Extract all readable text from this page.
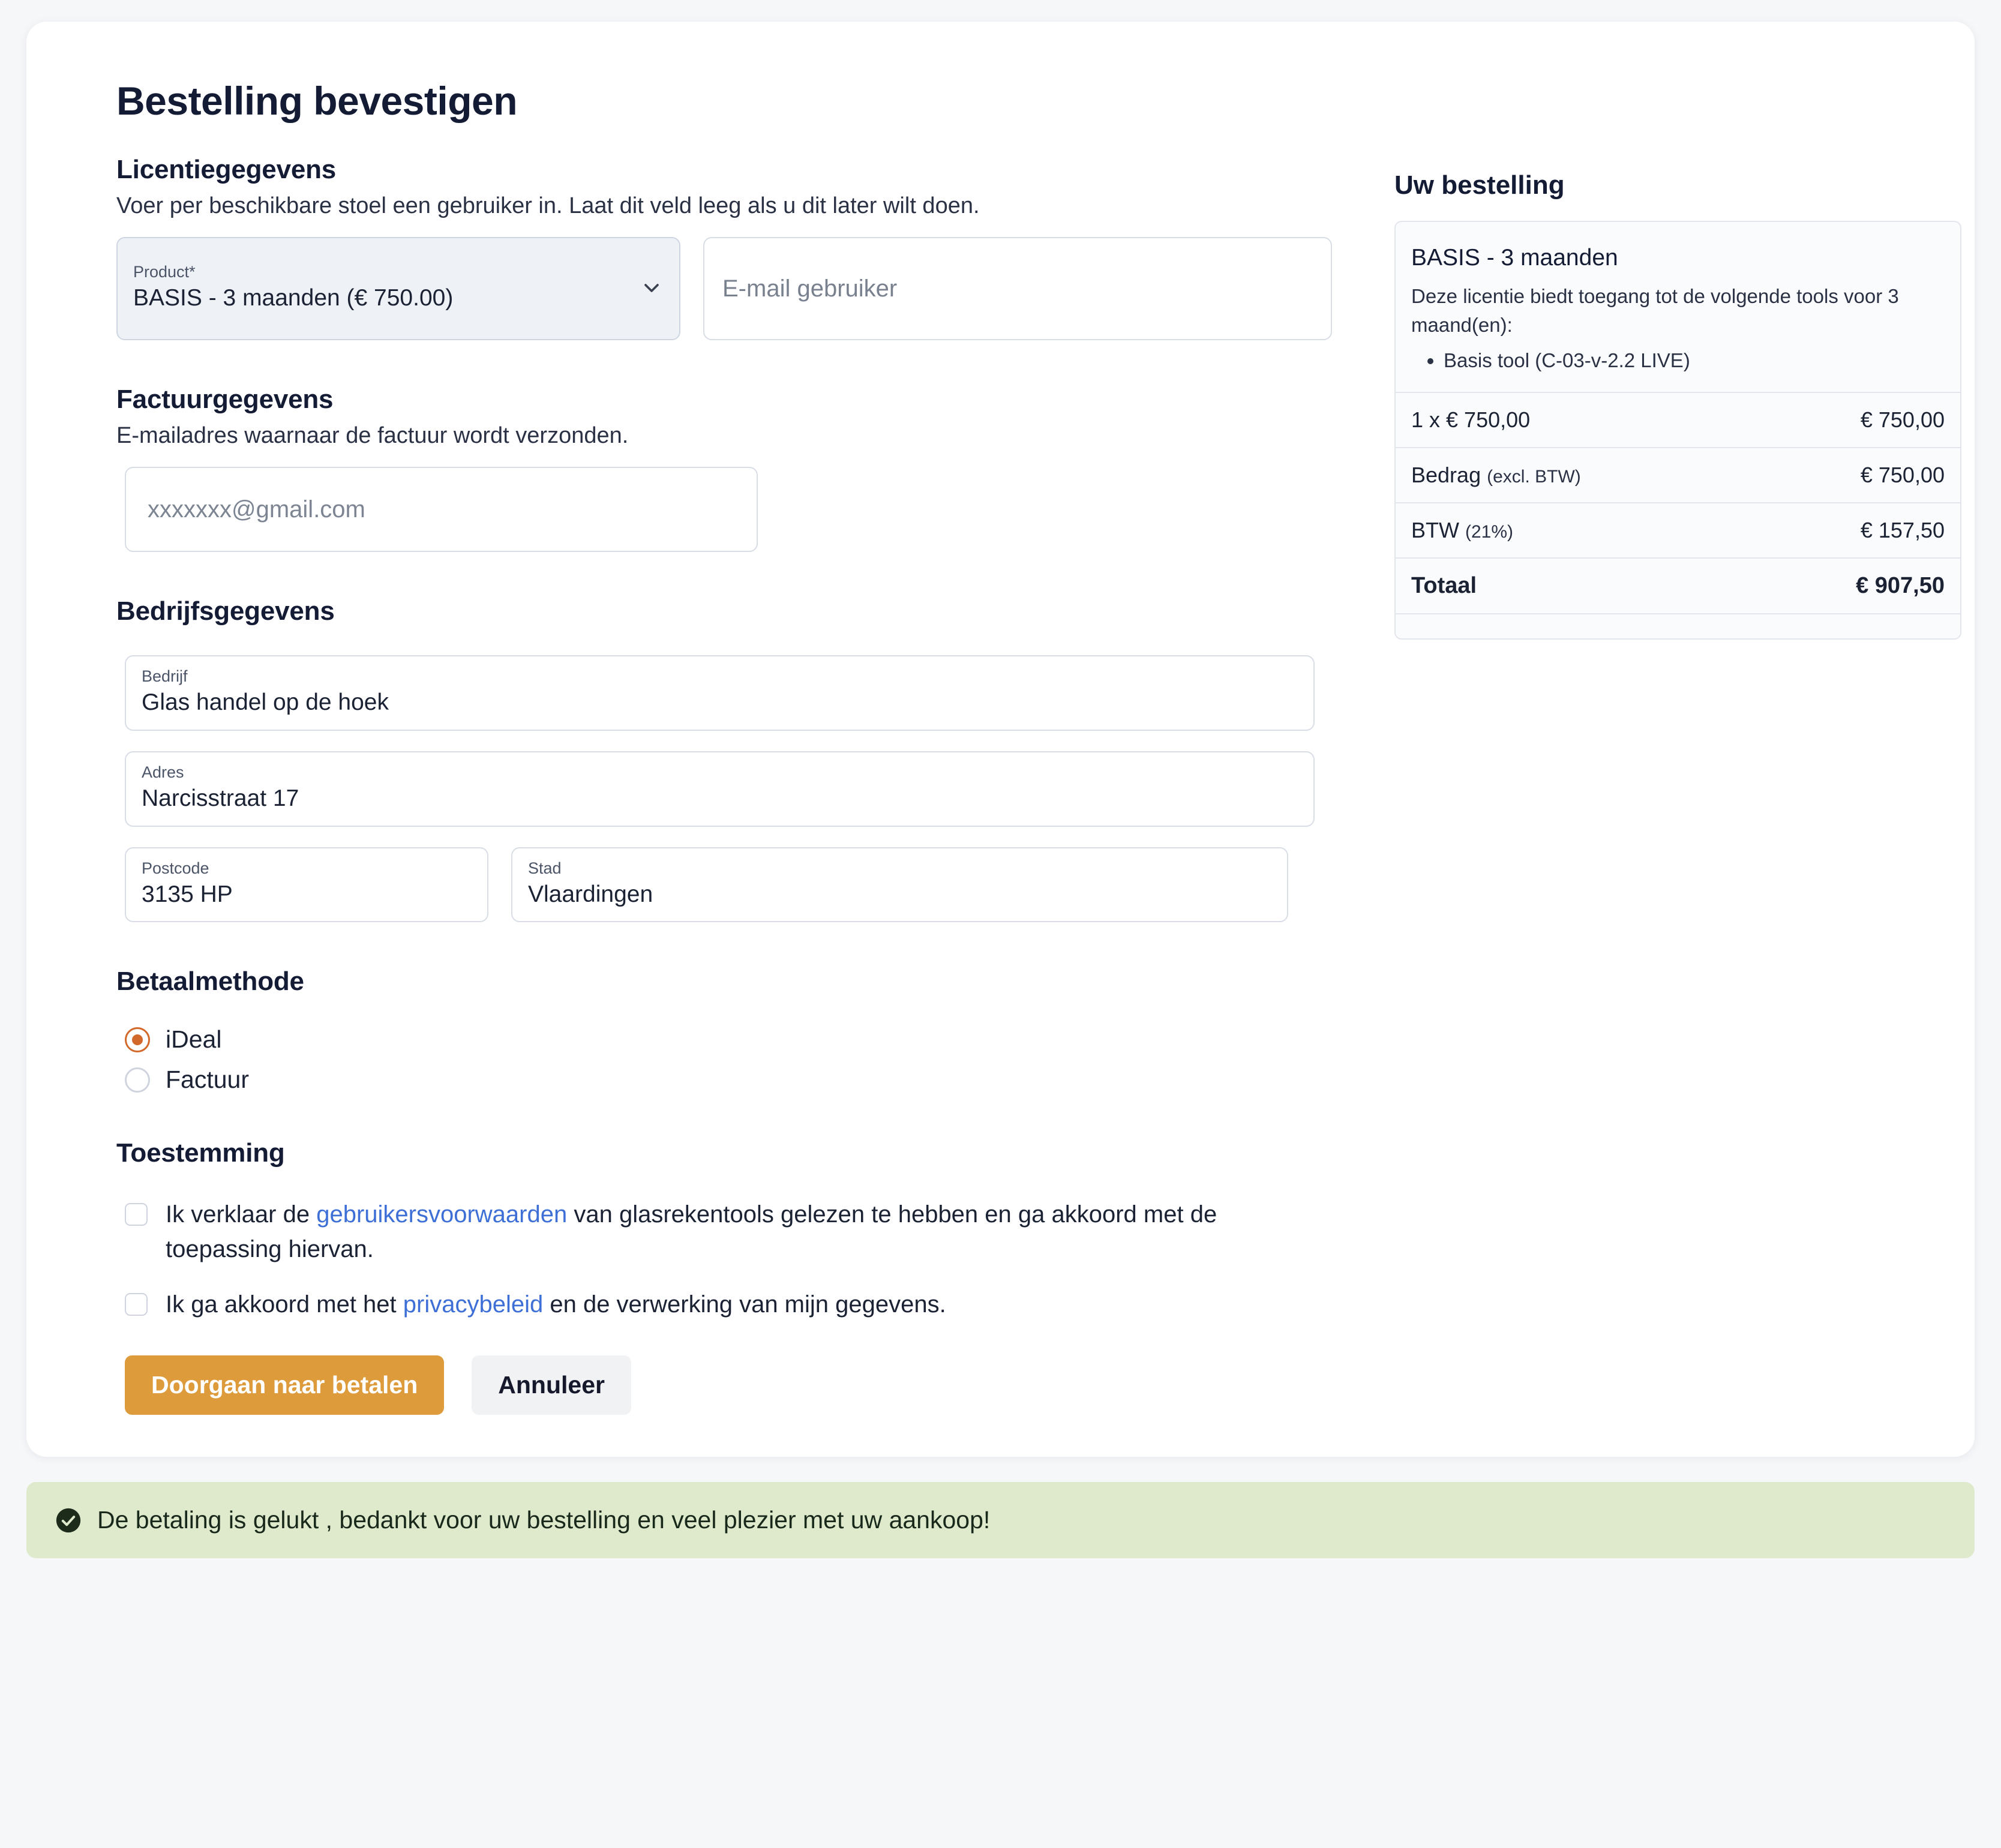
Bestelling bevestigen
Licentiegegevens

Voer per beschikbare stoel een gebruiker in. Laat dit veld leeg als u dit later wilt doen.

Product*
BASIS - 3 maanden (€ 750.00)	E-mail gebruiker
Factuurgegevens

E-mailadres waarnaar de factuur wordt verzonden.

xxxxxxx@gmail.com
Bedrijfsgegevens
Bedrijf
Glas handel op de hoek
Adres
Narcisstraat 17
Postcode
3135 HP
Stad
Vlaardingen
Betaalmethode
iDeal
Factuur
Toestemming
Ik verklaar de gebruikersvoorwaarden van glasrekentools gelezen te hebben en ga akkoord met de toepassing hiervan.
Ik ga akkoord met het privacybeleid en de verwerking van mijn gegevens.
Doorgaan naar betalen	Annuleer
Uw bestelling

BASIS - 3 maanden

Deze licentie biedt toegang tot de volgende tools voor 3 maand(en):

• Basis tool (C-03-v-2.2 LIVE)
1 x € 750,00	€ 750,00
Bedrag (excl. BTW)	€ 750,00
BTW (21%)	€ 157,50
Totaal	€ 907,50
De betaling is gelukt , bedankt voor uw bestelling en veel plezier met uw aankoop!
